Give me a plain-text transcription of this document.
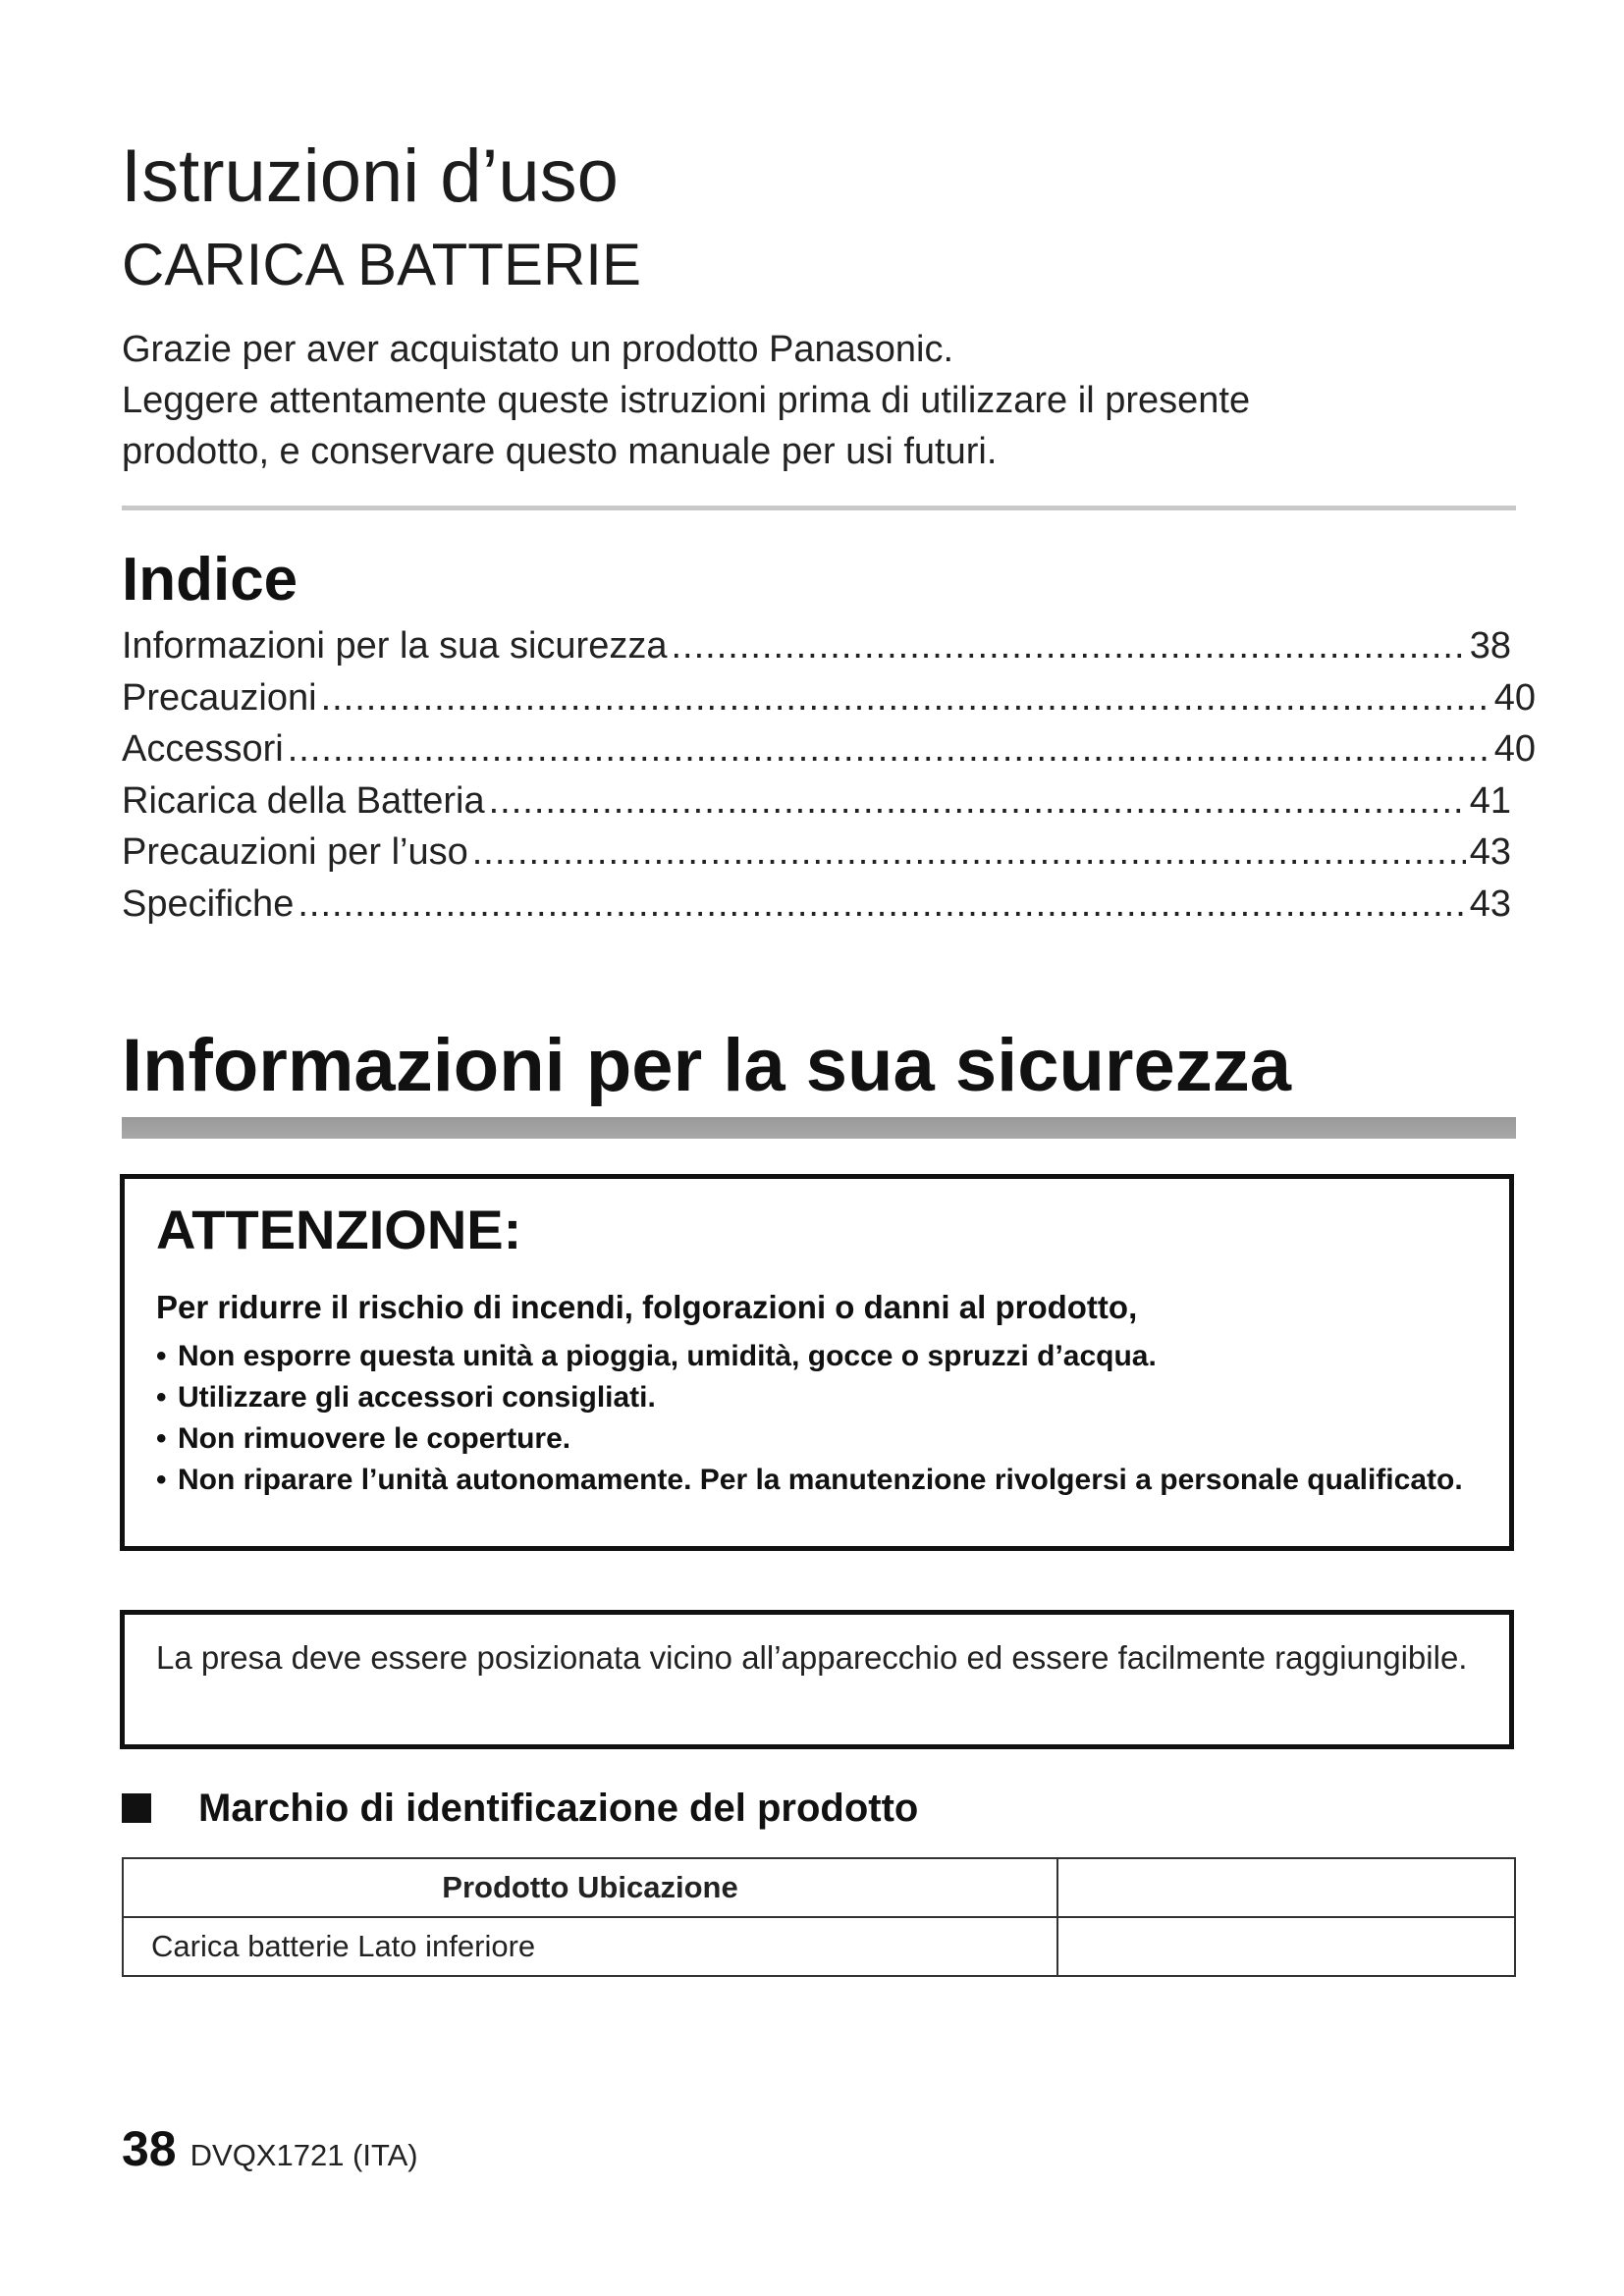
Istruzioni d’uso
CARICA BATTERIE

Grazie per aver acquistato un prodotto Panasonic.

Leggere attentamente queste istruzioni prima di utilizzare il presente

prodotto, e conservare questo manuale per usi futuri.

Indice
Informazioni per la sua sicurezza .....	38
Precauzioni .....	40
Accessori .....	40
Ricarica della Batteria .....	41
Precauzioni per l’uso .....	43
Specifiche .....	43
Informazioni per la sua sicurezza
ATTENZIONE:

Per ridurre il rischio di incendi, folgorazioni o danni al prodotto,

• Non esporre questa unità a pioggia, umidità, gocce o spruzzi d’acqua.
• Utilizzare gli accessori consigliati.
• Non rimuovere le coperture.
• Non riparare l’unità autonomamente. Per la manutenzione rivolgersi a personale qualificato.

La presa deve essere posizionata vicino all’apparecchio ed essere facilmente raggiungibile.

Marchio di identificazione del prodotto
Prodotto Ubicazione	
Carica batterie Lato inferiore	
38 DVQX1721 (ITA)
